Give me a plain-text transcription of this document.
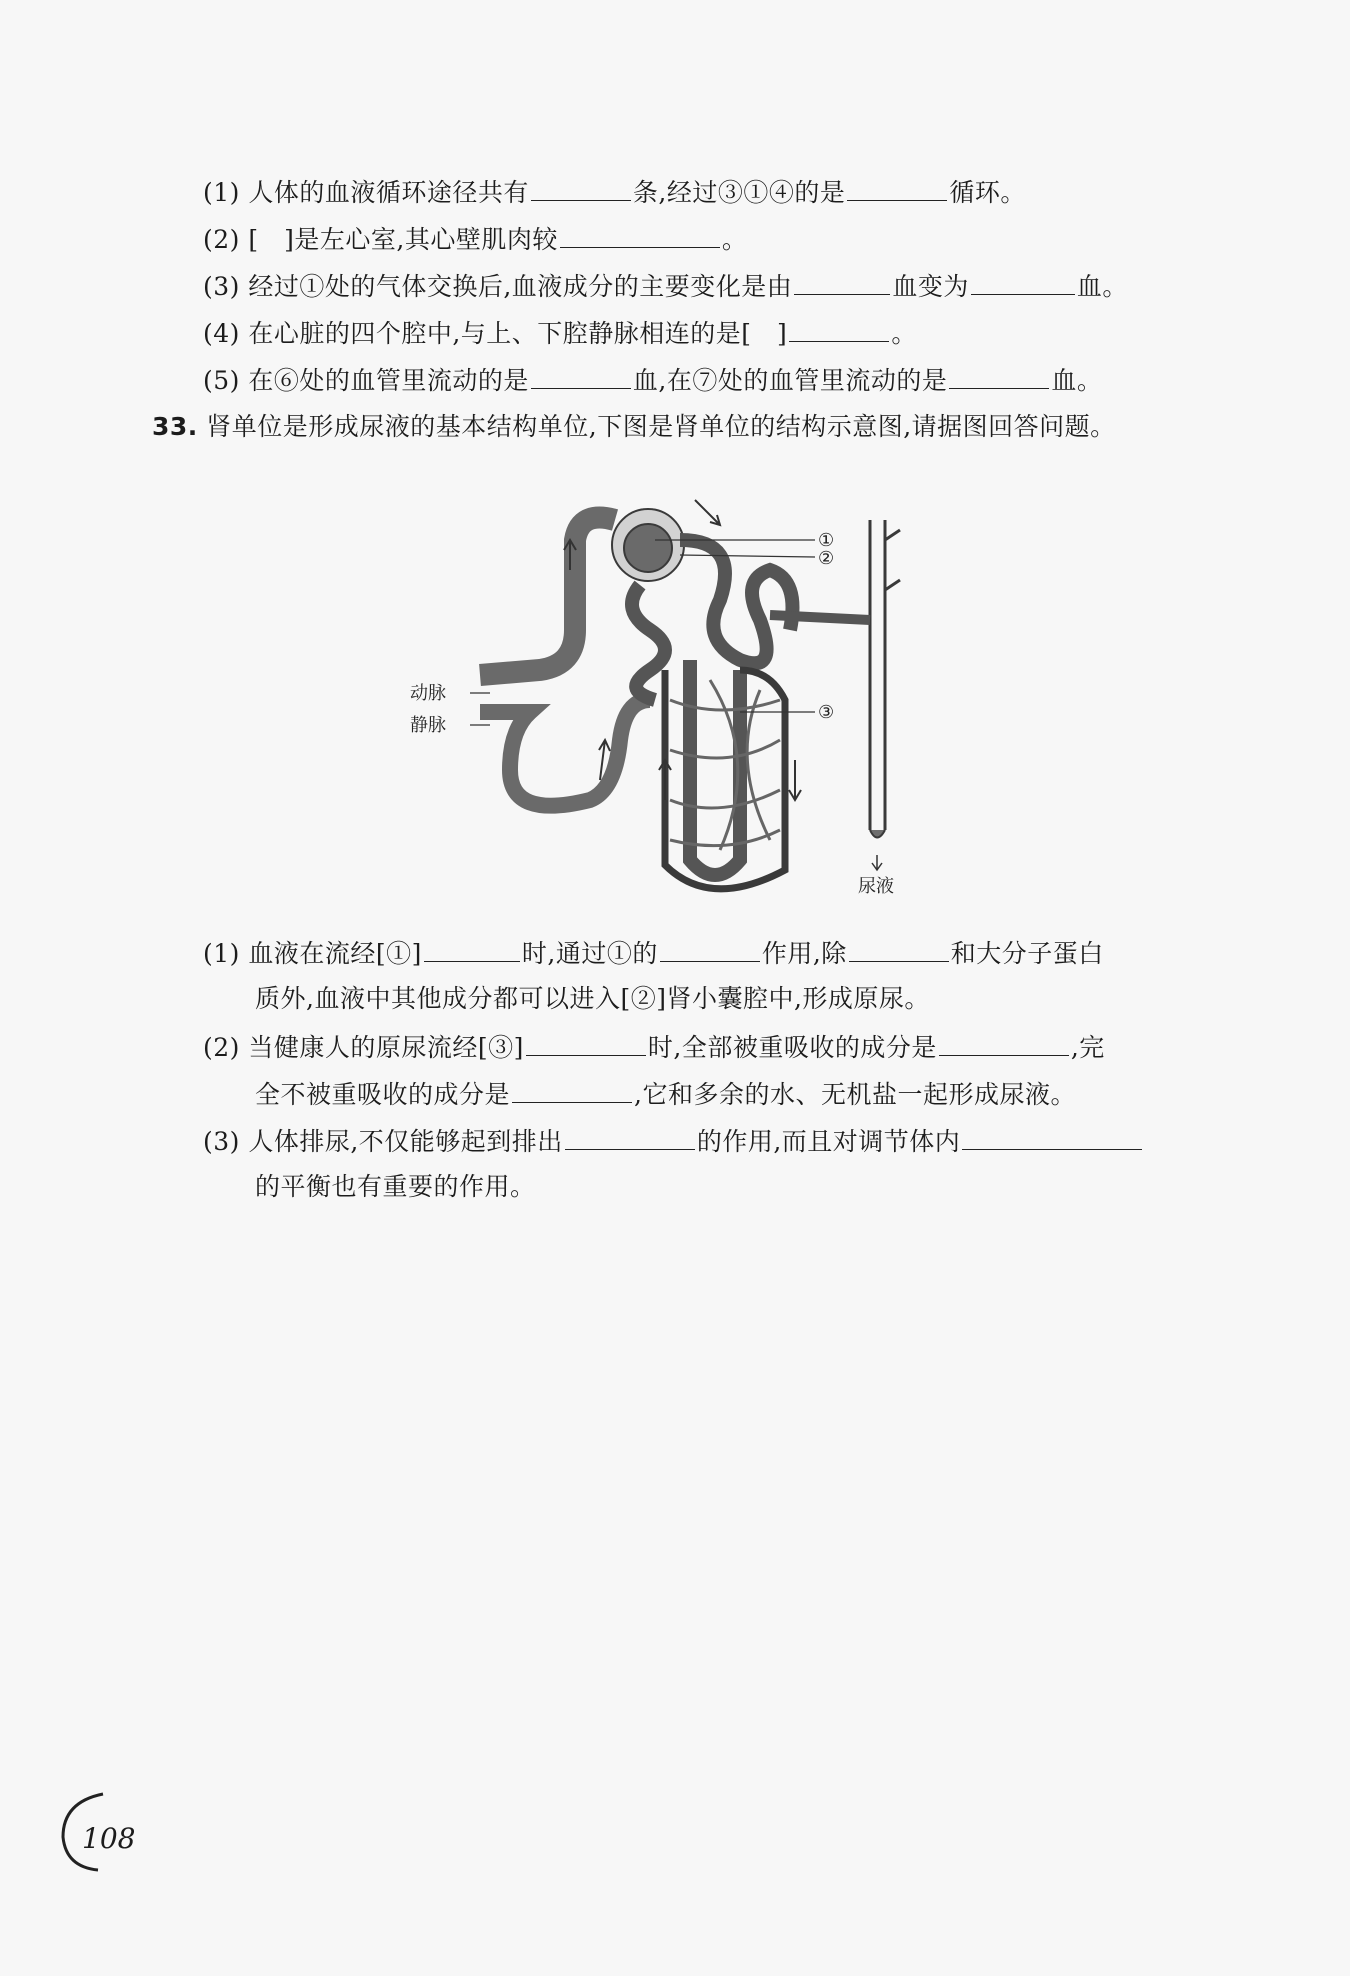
(1) 人体的血液循环途径共有	条,经过③①④的是	循环。
(2) [　]是左心室,其心壁肌肉较	。
(3) 经过①处的气体交换后,血液成分的主要变化是由	血变为	血。
(4) 在心脏的四个腔中,与上、下腔静脉相连的是[　]	。
(5) 在⑥处的血管里流动的是	血,在⑦处的血管里流动的是	血。
33. 肾单位是形成尿液的基本结构单位,下图是肾单位的结构示意图,请据图回答问题。
①
②
③
动脉
静脉
尿液
(1) 血液在流经[①]	时,通过①的	作用,除	和大分子蛋白
质外,血液中其他成分都可以进入[②]肾小囊腔中,形成原尿。
(2) 当健康人的原尿流经[③]	时,全部被重吸收的成分是	,完
全不被重吸收的成分是	,它和多余的水、无机盐一起形成尿液。
(3) 人体排尿,不仅能够起到排出	的作用,而且对调节体内
的平衡也有重要的作用。
108
